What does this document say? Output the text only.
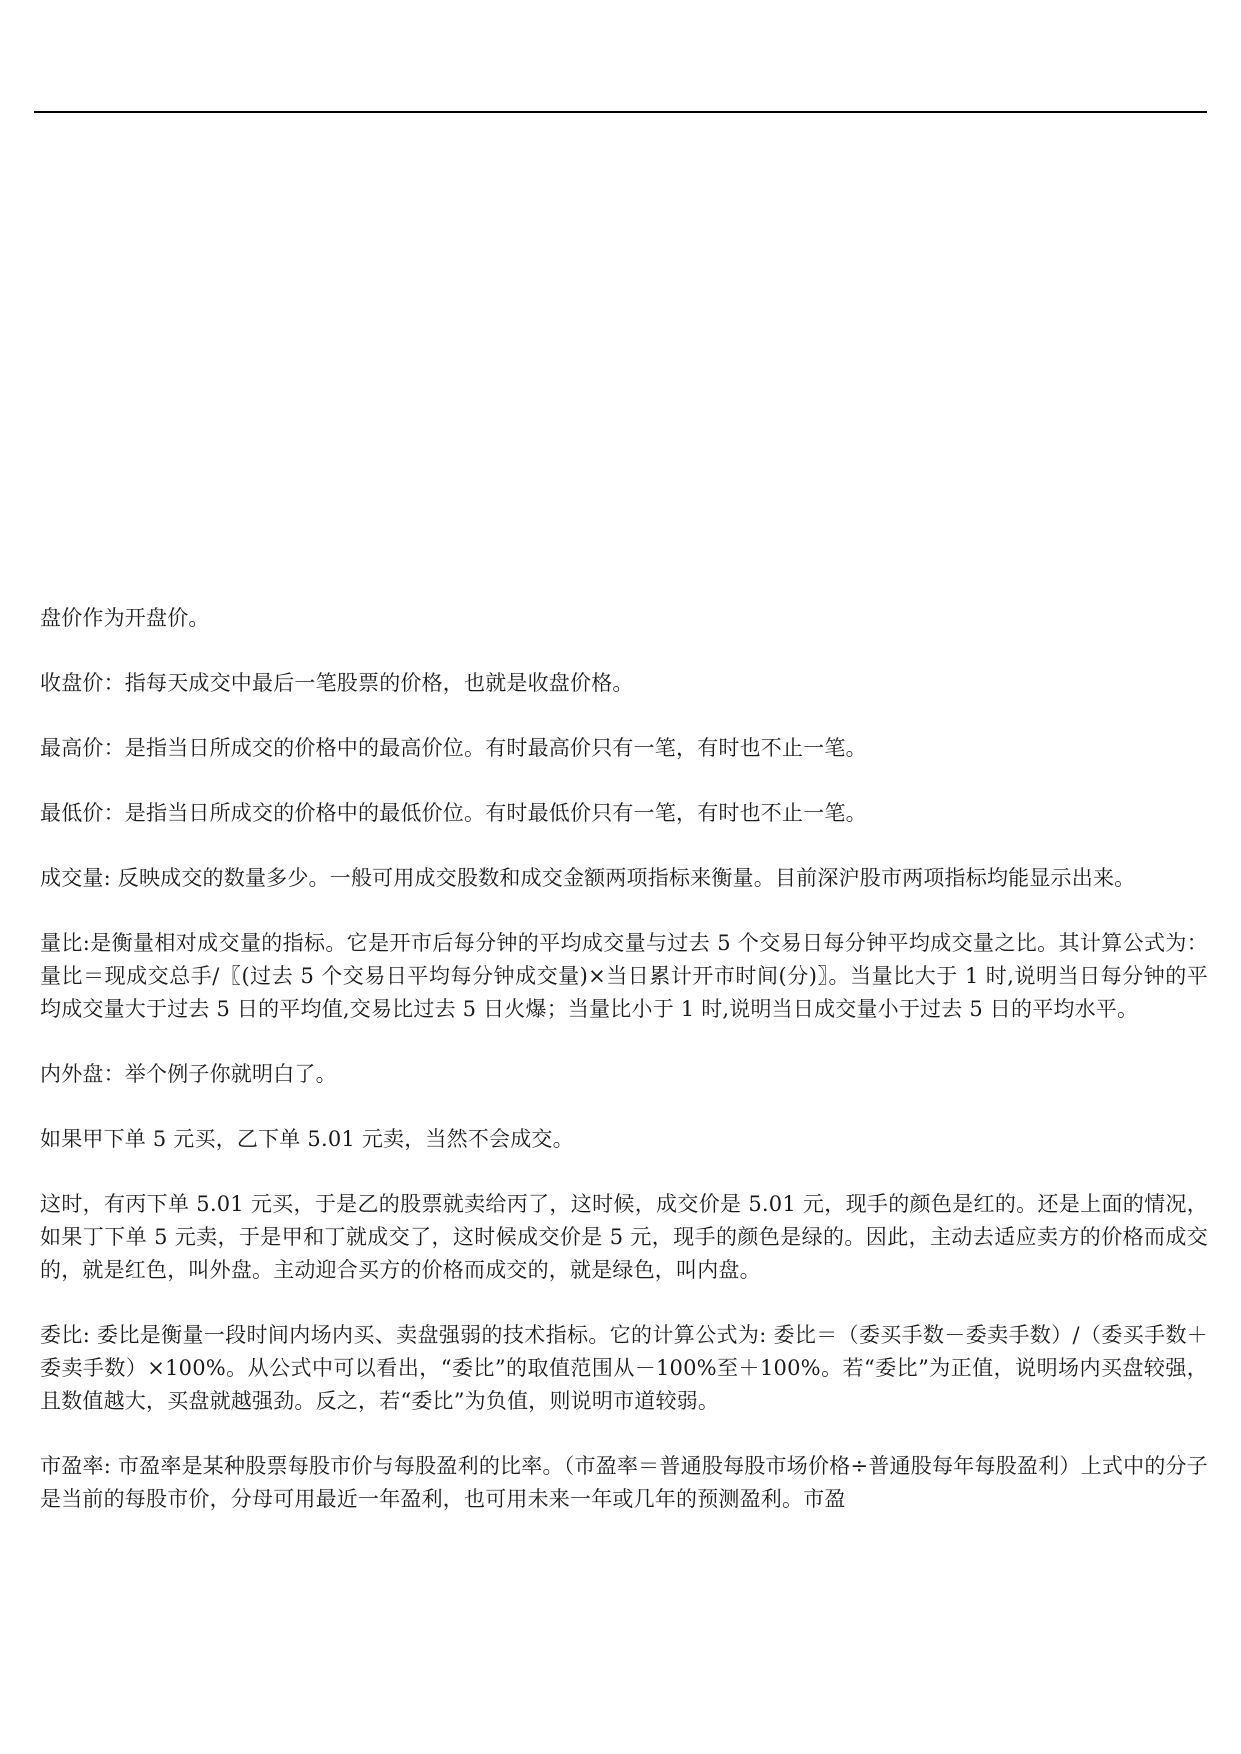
盘价作为开盘价。

收盘价：指每天成交中最后一笔股票的价格，也就是收盘价格。

最高价：是指当日所成交的价格中的最高价位。有时最高价只有一笔，有时也不止一笔。

最低价：是指当日所成交的价格中的最低价位。有时最低价只有一笔，有时也不止一笔。

成交量: 反映成交的数量多少。一般可用成交股数和成交金额两项指标来衡量。目前深沪股市两项指标均能显示出来。

量比:是衡量相对成交量的指标。它是开市后每分钟的平均成交量与过去 5 个交易日每分钟平均成交量之比。其计算公式为：量比＝现成交总手/〖(过去 5 个交易日平均每分钟成交量)×当日累计开市时间(分)〗。当量比大于 1 时,说明当日每分钟的平均成交量大于过去 5 日的平均值,交易比过去 5 日火爆；当量比小于 1 时,说明当日成交量小于过去 5 日的平均水平。

内外盘：举个例子你就明白了。

如果甲下单 5 元买，乙下单 5.01 元卖，当然不会成交。

这时，有丙下单 5.01 元买，于是乙的股票就卖给丙了，这时候，成交价是 5.01 元，现手的颜色是红的。还是上面的情况，如果丁下单 5 元卖，于是甲和丁就成交了，这时候成交价是 5 元，现手的颜色是绿的。因此，主动去适应卖方的价格而成交的，就是红色，叫外盘。主动迎合买方的价格而成交的，就是绿色，叫内盘。

委比: 委比是衡量一段时间内场内买、卖盘强弱的技术指标。它的计算公式为: 委比＝（委买手数－委卖手数）/（委买手数＋委卖手数）×100%。从公式中可以看出，“委比”的取值范围从－100%至＋100%。若“委比”为正值，说明场内买盘较强，且数值越大，买盘就越强劲。反之，若“委比”为负值，则说明市道较弱。

市盈率: 市盈率是某种股票每股市价与每股盈利的比率。（市盈率＝普通股每股市场价格÷普通股每年每股盈利）上式中的分子是当前的每股市价，分母可用最近一年盈利，也可用未来一年或几年的预测盈利。市盈
